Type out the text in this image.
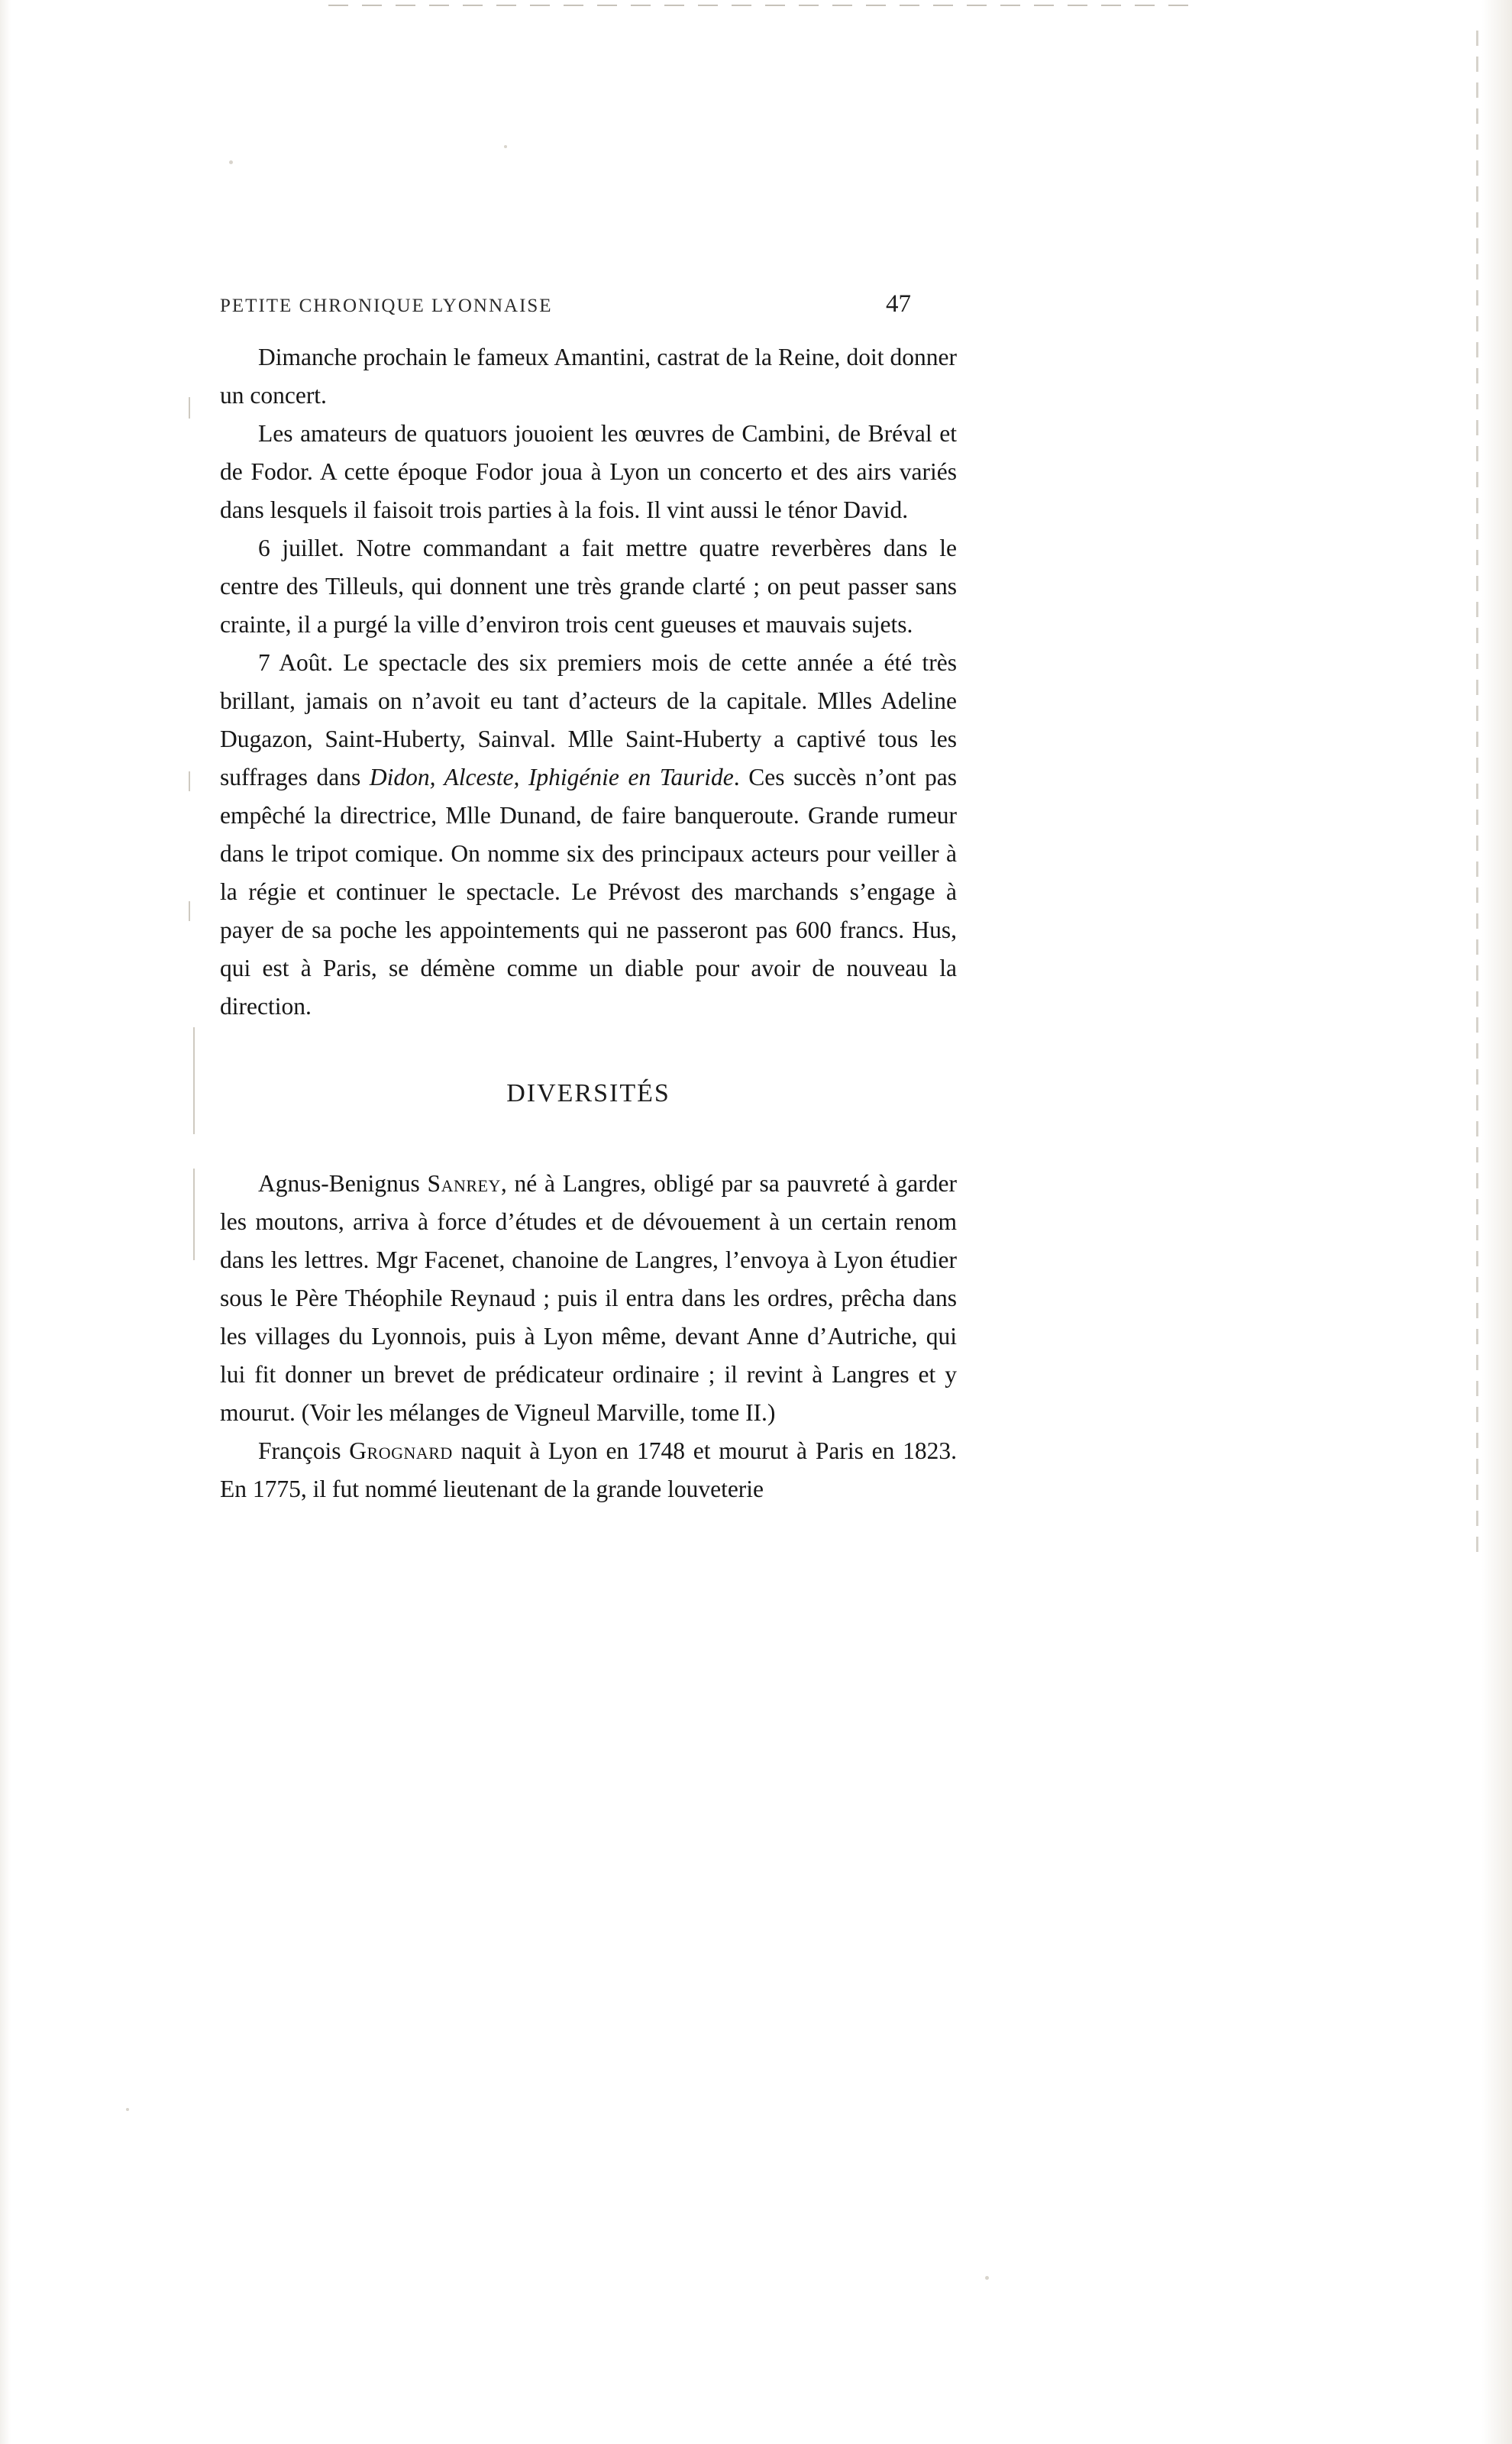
PETITE CHRONIQUE LYONNAISE	47

Dimanche prochain le fameux Amantini, castrat de la Reine, doit donner un concert.

Les amateurs de quatuors jouoient les œuvres de Cambini, de Bréval et de Fodor. A cette époque Fodor joua à Lyon un concerto et des airs variés dans lesquels il faisoit trois parties à la fois. Il vint aussi le ténor David.

6 juillet. Notre commandant a fait mettre quatre reverbères dans le centre des Tilleuls, qui donnent une très grande clarté ; on peut passer sans crainte, il a purgé la ville d’environ trois cent gueuses et mauvais sujets.

7 Août. Le spectacle des six premiers mois de cette année a été très brillant, jamais on n’avoit eu tant d’acteurs de la capitale. Mlles Adeline Dugazon, Saint-Huberty, Sainval. Mlle Saint-Huberty a captivé tous les suffrages dans Didon, Alceste, Iphigénie en Tauride. Ces succès n’ont pas empêché la directrice, Mlle Dunand, de faire banqueroute. Grande rumeur dans le tripot comique. On nomme six des principaux acteurs pour veiller à la régie et continuer le spectacle. Le Prévost des marchands s’engage à payer de sa poche les appointements qui ne passeront pas 600 francs. Hus, qui est à Paris, se démène comme un diable pour avoir de nouveau la direction.

DIVERSITÉS

Agnus-Benignus Sanrey, né à Langres, obligé par sa pauvreté à garder les moutons, arriva à force d’études et de dévouement à un certain renom dans les lettres. Mgr Facenet, chanoine de Langres, l’envoya à Lyon étudier sous le Père Théophile Reynaud ; puis il entra dans les ordres, prêcha dans les villages du Lyonnois, puis à Lyon même, devant Anne d’Autriche, qui lui fit donner un brevet de prédicateur ordinaire ; il revint à Langres et y mourut. (Voir les mélanges de Vigneul Marville, tome II.)

François Grognard naquit à Lyon en 1748 et mourut à Paris en 1823. En 1775, il fut nommé lieutenant de la grande louveterie
